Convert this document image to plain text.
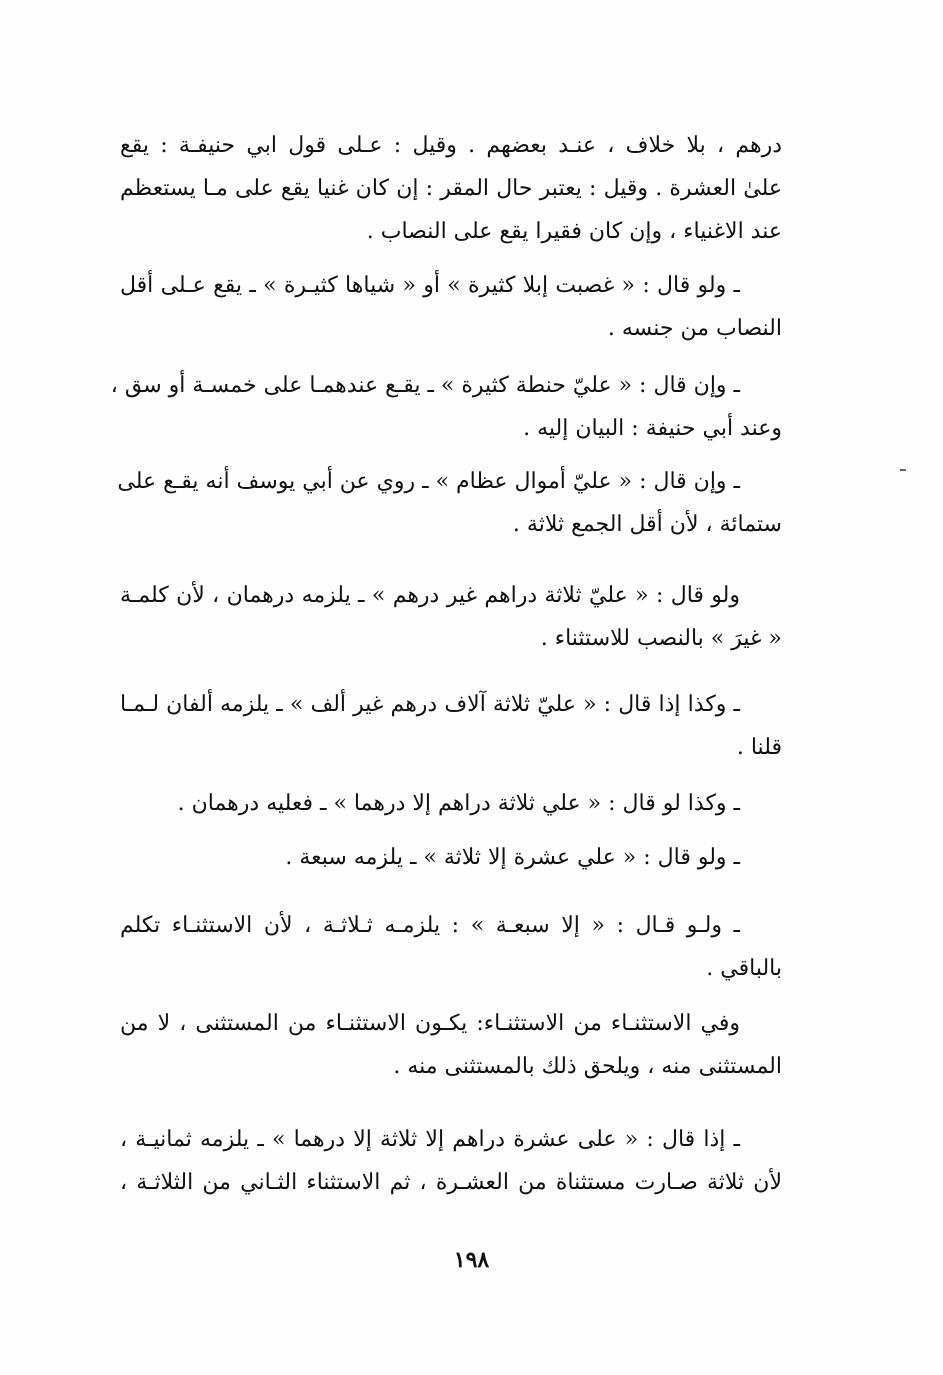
درهم ، بلا خلاف ، عنـد بعضهم . وقيل : عـلى قول ابي حنيفـة : يقع
علىٰ العشرة . وقيل : يعتبر حال المقر : إن كان غنيا يقع على مـا يستعظم
عند الاغنياء ، وإن كان فقيرا يقع على النصاب .
ـ ولو قال : « غصبت إبلا كثيرة » أو « شياها كثيـرة » ـ يقع عـلى أقل
النصاب من جنسه .
ـ وإن قال : « عليّ حنطة كثيرة » ـ يقـع عندهمـا على خمسـة أو سق ،
وعند أبي حنيفة : البيان إليه .
ـ وإن قال : « عليّ أموال عظام » ـ روي عن أبي يوسف أنه يقـع على
ستمائة ، لأن أقل الجمع ثلاثة .
ولو قال : « عليّ ثلاثة دراهم غير درهم » ـ يلزمه درهمان ، لأن كلمـة
« غيرَ » بالنصب للاستثناء .
ـ وكذا إذا قال : « عليّ ثلاثة آلاف درهم غير ألف » ـ يلزمه ألفان لـمـا
قلنا .
ـ وكذا لو قال : « علي ثلاثة دراهم إلا درهما » ـ فعليه درهمان .
ـ ولو قال : « علي عشرة إلا ثلاثة » ـ يلزمه سبعة .
ـ ولـو قـال : « إلا سبعـة » : يلزمـه ثـلاثـة ، لأن الاستثنـاء تكلم
بالباقي .
وفي الاستثنـاء من الاستثنـاء: يكـون الاستثنـاء من المستثنى ، لا من
المستثنى منه ، ويلحق ذلك بالمستثنى منه .
ـ إذا قال : « على عشرة دراهم إلا ثلاثة إلا درهما » ـ يلزمه ثمانيـة ،
لأن ثلاثة صـارت مستثناة من العشـرة ، ثم الاستثناء الثـاني من الثلاثـة ،
١٩٨
